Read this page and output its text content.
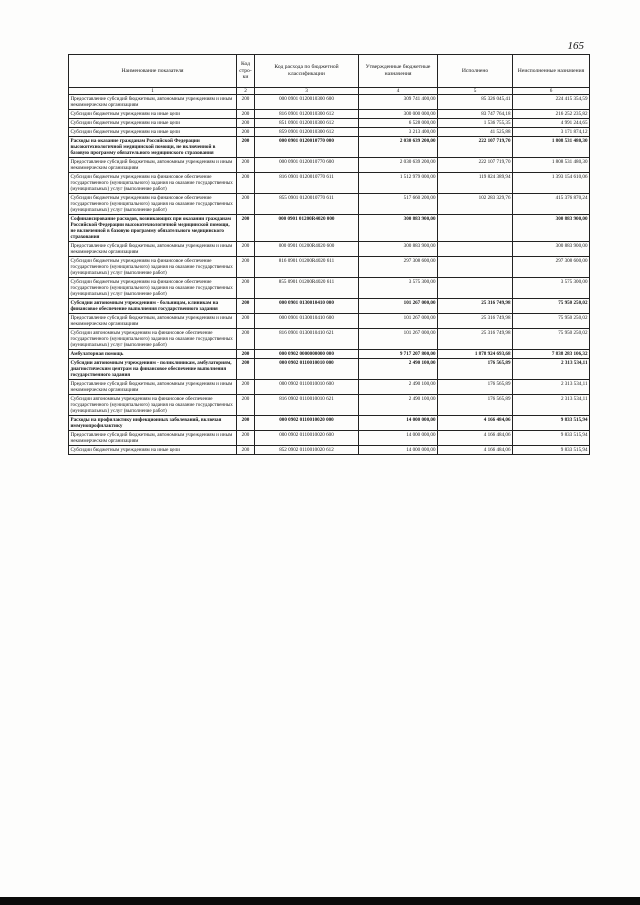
165
Наименование показателя	Код стро-ки	Код расхода по бюджетной классификации	Утвержденные бюджетные назначения	Исполнено	Неисполненные назначения
1	2	3	4	5	6
Предоставление субсидий бюджетным, автономным учреждениям и иным некоммерческим организациям	200	000 0901 0120010300 600	309 741 400,00	85 326 045,41	224 415 354,59
Субсидии бюджетным учреждениям на иные цели	200	816 0901 0120010300 612	300 000 000,00	83 747 764,18	216 252 235,82
Субсидии бюджетным учреждениям на иные цели	200	851 0901 0120010300 612	6 528 000,00	1 536 755,35	4 991 244,65
Субсидии бюджетным учреждениям на иные цели	200	859 0901 0120010300 612	3 213 400,00	41 525,88	3 171 874,12
Расходы на оказание гражданам Российской Федерации высокотехнологичной медицинской помощи, не включенной в базовую программу обязательного медицинского страхования	200	000 0901 0120010770 000	2 030 639 200,00	222 107 719,70	1 808 531 480,30
Предоставление субсидий бюджетным, автономным учреждениям и иным некоммерческим организациям	200	000 0901 0120010770 600	2 030 639 200,00	222 107 719,70	1 808 531 480,30
Субсидии бюджетным учреждениям на финансовое обеспечение государственного (муниципального) задания на оказание государственных (муниципальных) услуг (выполнение работ)	200	816 0901 0120010770 611	1 512 979 000,00	119 824 389,94	1 393 154 610,06
Субсидии бюджетным учреждениям на финансовое обеспечение государственного (муниципального) задания на оказание государственных (муниципальных) услуг (выполнение работ)	200	855 0901 0120010770 611	517 660 200,00	102 283 329,76	415 376 870,24
Софинансирование расходов, возникающих при оказании гражданам Российской Федерации высокотехнологичной медицинской помощи, не включенной в базовую программу обязательного медицинского страхования	200	000 0901 01200R4020 000	300 883 900,00		300 883 900,00
Предоставление субсидий бюджетным, автономным учреждениям и иным некоммерческим организациям	200	000 0901 01200R4020 600	300 883 900,00		300 883 900,00
Субсидии бюджетным учреждениям на финансовое обеспечение государственного (муниципального) задания на оказание государственных (муниципальных) услуг (выполнение работ)	200	816 0901 01200R4020 611	297 308 600,00		297 308 600,00
Субсидии бюджетным учреждениям на финансовое обеспечение государственного (муниципального) задания на оказание государственных (муниципальных) услуг (выполнение работ)	200	855 0901 01200R4020 611	3 575 300,00		3 575 300,00
Субсидии автономным учреждениям - больницам, клиникам на финансовое обеспечение выполнения государственного задания	200	000 0901 0130010410 000	101 267 000,00	25 316 749,98	75 950 250,02
Предоставление субсидий бюджетным, автономным учреждениям и иным некоммерческим организациям	200	000 0901 0130010410 600	101 267 000,00	25 316 749,98	75 950 250,02
Субсидии автономным учреждениям на финансовое обеспечение государственного (муниципального) задания на оказание государственных (муниципальных) услуг (выполнение работ)	200	816 0901 0130010410 621	101 267 000,00	25 316 749,98	75 950 250,02
Амбулаторная помощь	200	000 0902 0000000000 000	9 717 207 800,00	1 878 924 693,68	7 838 283 106,32
Субсидии автономным учреждениям - поликлиникам, амбулаториям, диагностическим центрам на финансовое обеспечение выполнения государственного задания	200	000 0902 0110010010 000	2 490 100,00	176 565,89	2 313 534,11
Предоставление субсидий бюджетным, автономным учреждениям и иным некоммерческим организациям	200	000 0902 0110010010 600	2 490 100,00	176 565,89	2 313 534,11
Субсидии автономным учреждениям на финансовое обеспечение государственного (муниципального) задания на оказание государственных (муниципальных) услуг (выполнение работ)	200	816 0902 0110010010 621	2 490 100,00	176 565,89	2 313 534,11
Расходы на профилактику инфекционных заболеваний, включая иммунопрофилактику	200	000 0902 0110010020 000	14 000 000,00	4 166 484,06	9 833 515,94
Предоставление субсидий бюджетным, автономным учреждениям и иным некоммерческим организациям	200	000 0902 0110010020 600	14 000 000,00	4 166 484,06	9 833 515,94
Субсидии бюджетным учреждениям на иные цели	200	852 0902 0110010020 612	14 000 000,00	4 166 484,06	9 833 515,94
